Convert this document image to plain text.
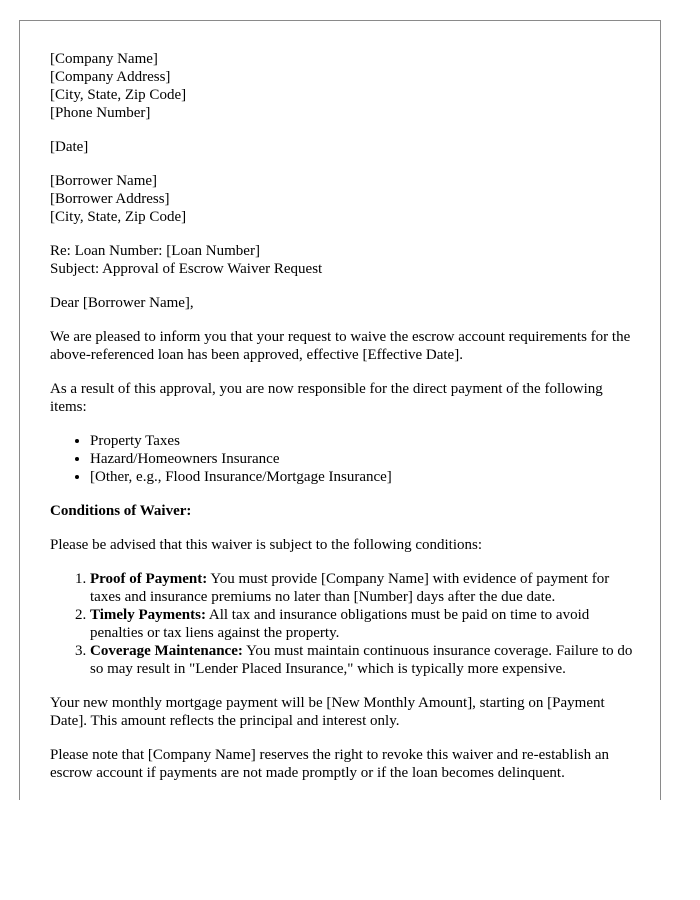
[Company Name]
[Company Address]
[City, State, Zip Code]
[Phone Number]

[Date]

[Borrower Name]
[Borrower Address]
[City, State, Zip Code]
Re: Loan Number: [Loan Number]
Subject: Approval of Escrow Waiver Request

Dear [Borrower Name],

We are pleased to inform you that your request to waive the escrow account requirements for the above-referenced loan has been approved, effective [Effective Date].

As a result of this approval, you are now responsible for the direct payment of the following items:

• Property Taxes
• Hazard/Homeowners Insurance
• [Other, e.g., Flood Insurance/Mortgage Insurance]

Conditions of Waiver:

Please be advised that this waiver is subject to the following conditions:

1. Proof of Payment: You must provide [Company Name] with evidence of payment for taxes and insurance premiums no later than [Number] days after the due date.
2. Timely Payments: All tax and insurance obligations must be paid on time to avoid penalties or tax liens against the property.
3. Coverage Maintenance: You must maintain continuous insurance coverage. Failure to do so may result in "Lender Placed Insurance," which is typically more expensive.

Your new monthly mortgage payment will be [New Monthly Amount], starting on [Payment Date]. This amount reflects the principal and interest only.

Please note that [Company Name] reserves the right to revoke this waiver and re-establish an escrow account if payments are not made promptly or if the loan becomes delinquent.
